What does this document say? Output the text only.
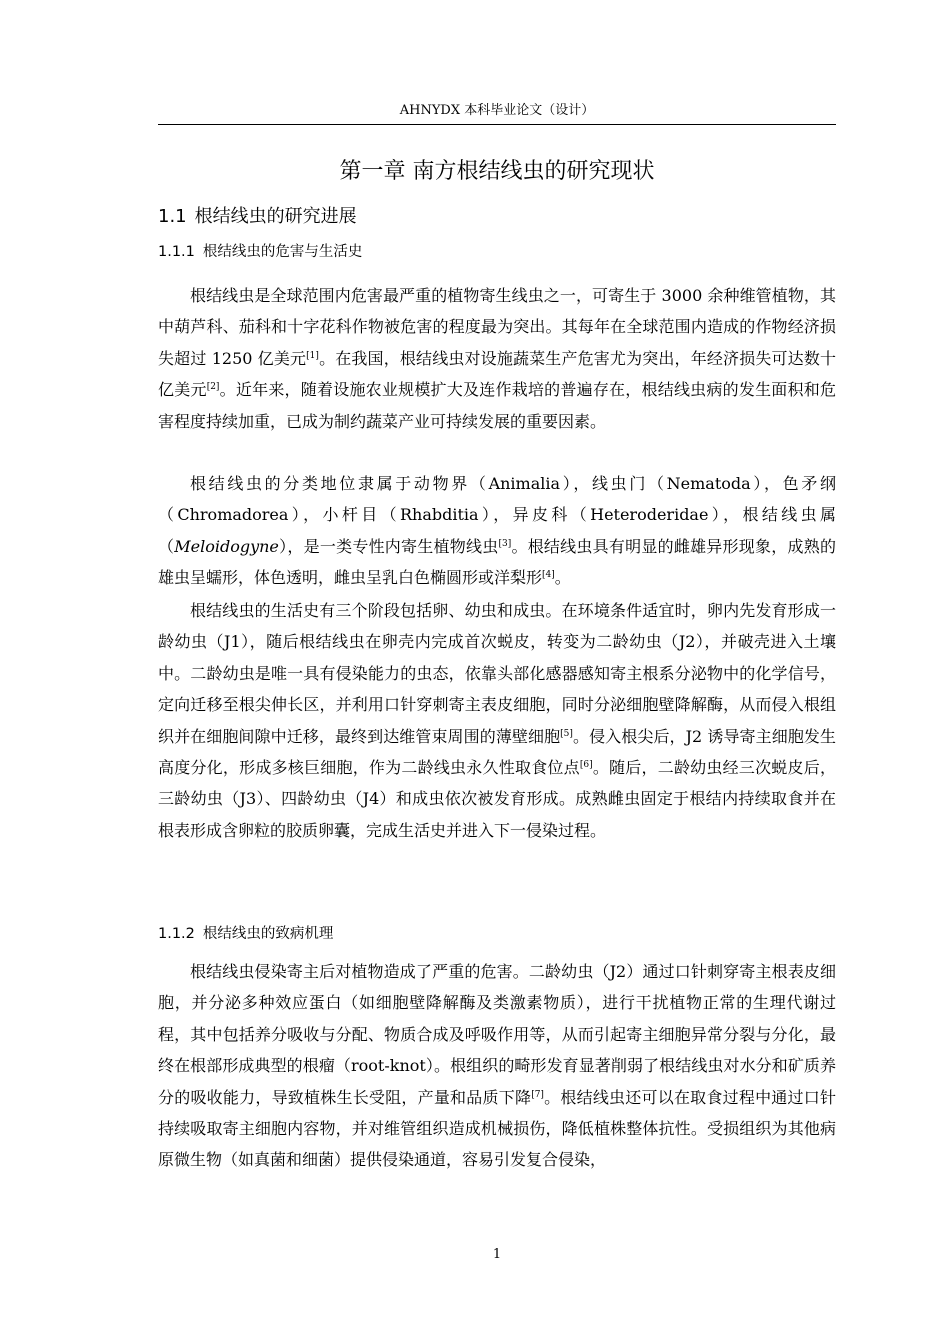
AHNYDX 本科毕业论文（设计）
第一章 南方根结线虫的研究现状
1.1 根结线虫的研究进展
1.1.1 根结线虫的危害与生活史

根结线虫是全球范围内危害最严重的植物寄生线虫之一，可寄生于 3000 余种维管植物，其中葫芦科、茄科和十字花科作物被危害的程度最为突出。其每年在全球范围内造成的作物经济损失超过 1250 亿美元[1]。在我国，根结线虫对设施蔬菜生产危害尤为突出，年经济损失可达数十亿美元[2]。近年来，随着设施农业规模扩大及连作栽培的普遍存在，根结线虫病的发生面积和危害程度持续加重，已成为制约蔬菜产业可持续发展的重要因素。

根结线虫的分类地位隶属于动物界（Animalia），线虫门（Nematoda），色矛纲（Chromadorea），小杆目（Rhabditia），异皮科（Heteroderidae），根结线虫属（Meloidogyne），是一类专性内寄生植物线虫[3]。根结线虫具有明显的雌雄异形现象，成熟的雄虫呈蠕形，体色透明，雌虫呈乳白色椭圆形或洋梨形[4]。

根结线虫的生活史有三个阶段包括卵、幼虫和成虫。在环境条件适宜时，卵内先发育形成一龄幼虫（J1），随后根结线虫在卵壳内完成首次蜕皮，转变为二龄幼虫（J2），并破壳进入土壤中。二龄幼虫是唯一具有侵染能力的虫态，依靠头部化感器感知寄主根系分泌物中的化学信号，定向迁移至根尖伸长区，并利用口针穿刺寄主表皮细胞，同时分泌细胞壁降解酶，从而侵入根组织并在细胞间隙中迁移，最终到达维管束周围的薄壁细胞[5]。侵入根尖后，J2 诱导寄主细胞发生高度分化，形成多核巨细胞，作为二龄线虫永久性取食位点[6]。随后，二龄幼虫经三次蜕皮后，三龄幼虫（J3）、四龄幼虫（J4）和成虫依次被发育形成。成熟雌虫固定于根结内持续取食并在根表形成含卵粒的胶质卵囊，完成生活史并进入下一侵染过程。

1.1.2 根结线虫的致病机理

根结线虫侵染寄主后对植物造成了严重的危害。二龄幼虫（J2）通过口针刺穿寄主根表皮细胞，并分泌多种效应蛋白（如细胞壁降解酶及类激素物质），进行干扰植物正常的生理代谢过程，其中包括养分吸收与分配、物质合成及呼吸作用等，从而引起寄主细胞异常分裂与分化，最终在根部形成典型的根瘤（root-knot）。根组织的畸形发育显著削弱了根结线虫对水分和矿质养分的吸收能力，导致植株生长受阻，产量和品质下降[7]。根结线虫还可以在取食过程中通过口针持续吸取寄主细胞内容物，并对维管组织造成机械损伤，降低植株整体抗性。受损组织为其他病原微生物（如真菌和细菌）提供侵染通道，容易引发复合侵染，

1
